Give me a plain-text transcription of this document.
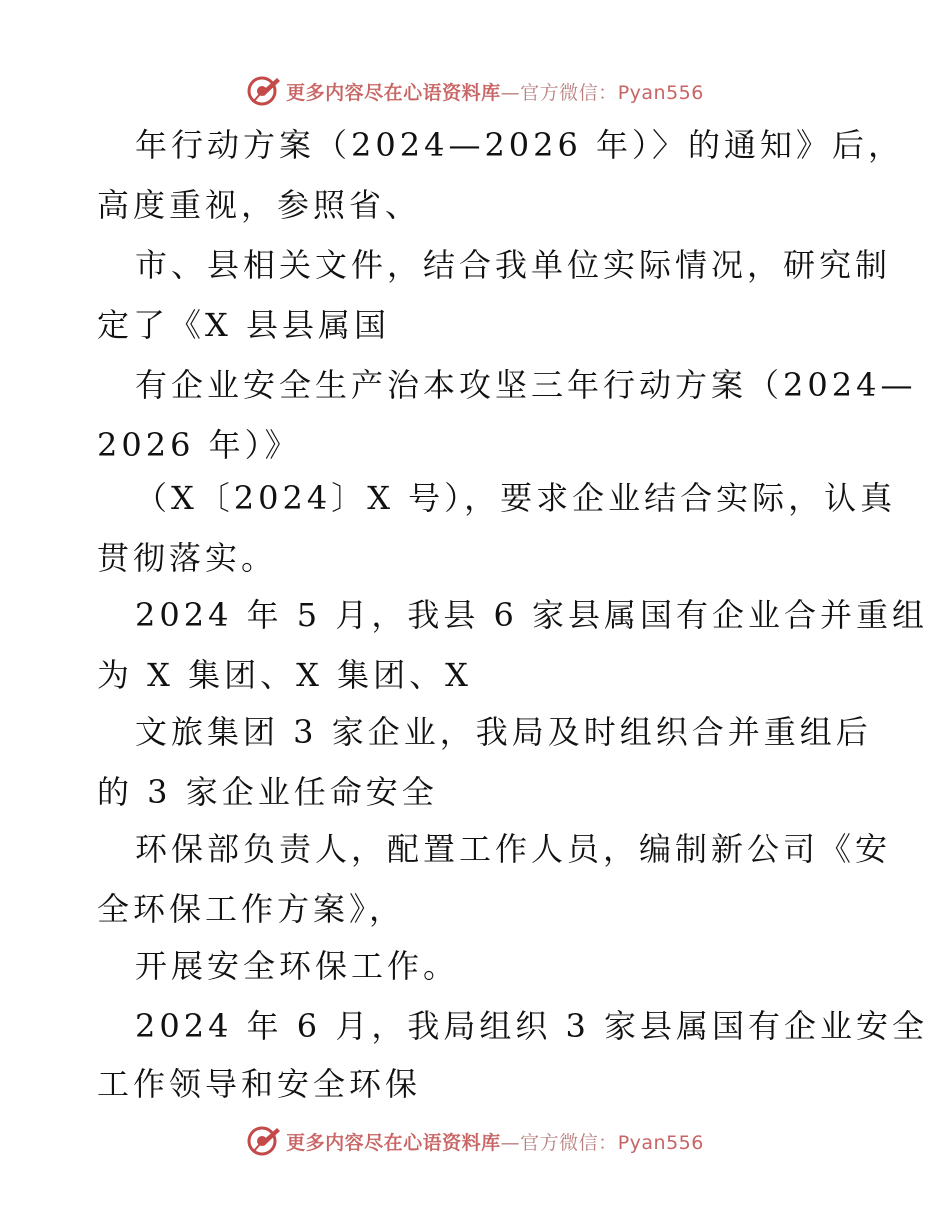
更多内容尽在心语资料库—官方微信：Pyan556
年行动方案（2024—2026 年）〉的通知》后，
高度重视，参照省、
市、县相关文件，结合我单位实际情况，研究制
定了《X 县县属国
有企业安全生产治本攻坚三年行动方案（2024—
2026 年）》
（X〔2024〕X 号），要求企业结合实际，认真
贯彻落实。
2024 年 5 月，我县 6 家县属国有企业合并重组
为 X 集团、X 集团、X
文旅集团 3 家企业，我局及时组织合并重组后
的 3 家企业任命安全
环保部负责人，配置工作人员，编制新公司《安
全环保工作方案》，
开展安全环保工作。
2024 年 6 月，我局组织 3 家县属国有企业安全
工作领导和安全环保
更多内容尽在心语资料库—官方微信：Pyan556
